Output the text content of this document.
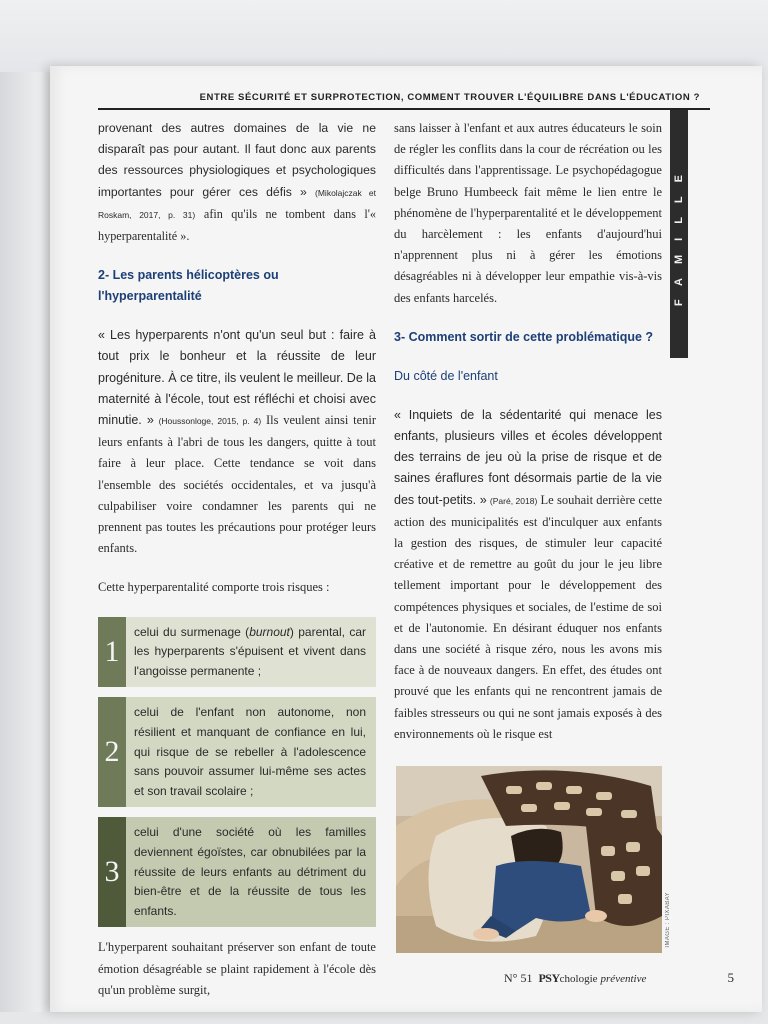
ENTRE SÉCURITÉ ET SURPROTECTION, COMMENT TROUVER L'ÉQUILIBRE DANS L'ÉDUCATION ?
FAMILLE

provenant des autres domaines de la vie ne disparaît pas pour autant. Il faut donc aux parents des ressources physiologiques et psychologiques importantes pour gérer ces défis » (Mikolajczak et Roskam, 2017, p. 31) afin qu'ils ne tombent dans l'« hyperparentalité ».

2- Les parents hélicoptères ou l'hyperparentalité

« Les hyperparents n'ont qu'un seul but : faire à tout prix le bonheur et la réussite de leur progéniture. À ce titre, ils veulent le meilleur. De la maternité à l'école, tout est réfléchi et choisi avec minutie. » (Houssonloge, 2015, p. 4) Ils veulent ainsi tenir leurs enfants à l'abri de tous les dangers, quitte à tout faire à leur place. Cette tendance se voit dans l'ensemble des sociétés occidentales, et va jusqu'à culpabiliser voire condamner les parents qui ne prennent pas toutes les précautions pour protéger leurs enfants.

Cette hyperparentalité comporte trois risques :

1

celui du surmenage (burnout) parental, car les hyperparents s'épuisent et vivent dans l'angoisse permanente ;

2

celui de l'enfant non autonome, non résilient et manquant de confiance en lui, qui risque de se rebeller à l'adolescence sans pouvoir assumer lui-même ses actes et son travail scolaire ;

3

celui d'une société où les familles deviennent égoïstes, car obnubilées par la réussite de leurs enfants au détriment du bien-être et de la réussite de tous les enfants.

L'hyperparent souhaitant préserver son enfant de toute émotion désagréable se plaint rapidement à l'école dès qu'un problème surgit,

sans laisser à l'enfant et aux autres éducateurs le soin de régler les conflits dans la cour de récréation ou les difficultés dans l'apprentissage. Le psychopédagogue belge Bruno Humbeeck fait même le lien entre le phénomène de l'hyperparentalité et le développement du harcèlement : les enfants d'aujourd'hui n'apprennent plus ni à gérer les émotions désagréables ni à développer leur empathie vis-à-vis des enfants harcelés.

3- Comment sortir de cette problématique ?
Du côté de l'enfant

« Inquiets de la sédentarité qui menace les enfants, plusieurs villes et écoles développent des terrains de jeu où la prise de risque et de saines éraflures font désormais partie de la vie des tout-petits. » (Paré, 2018) Le souhait derrière cette action des municipalités est d'inculquer aux enfants la gestion des risques, de stimuler leur capacité créative et de remettre au goût du jour le jeu libre tellement important pour le développement des compétences physiques et sociales, de l'estime de soi et de l'autonomie. En désirant éduquer nos enfants dans une société à risque zéro, nous les avons mis face à de nouveaux dangers. En effet, des études ont prouvé que les enfants qui ne rencontrent jamais de faibles stresseurs ou qui ne sont jamais exposés à des environnements où le risque est

IMAGE : PIXABAY
N° 51 PSY chologie préventive	5
